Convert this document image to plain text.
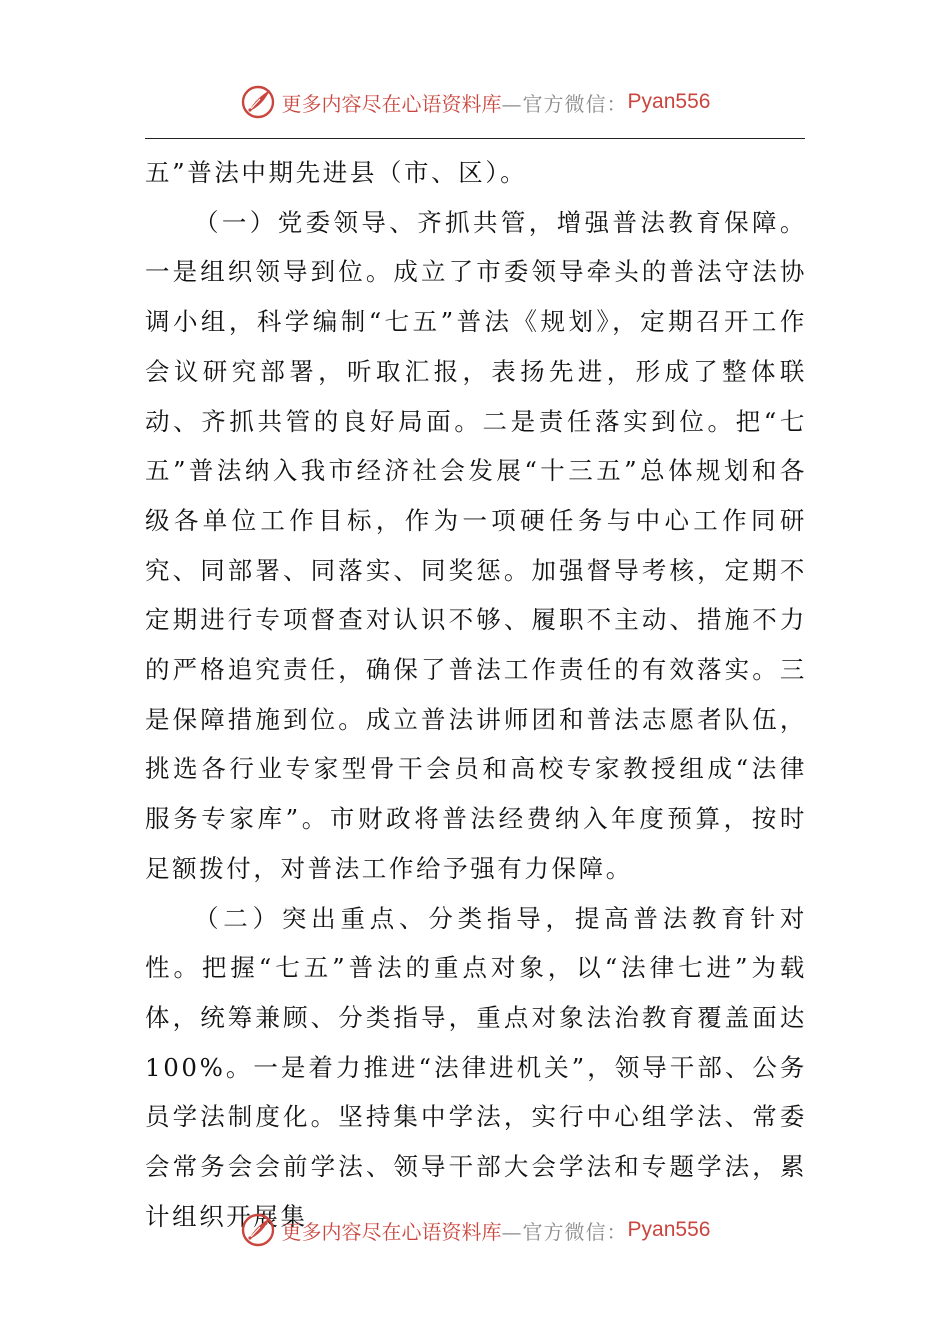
更多内容尽在心语资料库 —官方微信： Pyan556

五”普法中期先进县（市、区）。

（一）党委领导、齐抓共管，增强普法教育保障。一是组织领导到位。成立了市委领导牵头的普法守法协调小组，科学编制“七五”普法《规划》，定期召开工作会议研究部署，听取汇报，表扬先进，形成了整体联动、齐抓共管的良好局面。二是责任落实到位。把“七五”普法纳入我市经济社会发展“十三五”总体规划和各级各单位工作目标，作为一项硬任务与中心工作同研究、同部署、同落实、同奖惩。加强督导考核，定期不定期进行专项督查对认识不够、履职不主动、措施不力的严格追究责任，确保了普法工作责任的有效落实。三是保障措施到位。成立普法讲师团和普法志愿者队伍，挑选各行业专家型骨干会员和高校专家教授组成“法律服务专家库”。市财政将普法经费纳入年度预算，按时足额拨付，对普法工作给予强有力保障。

（二）突出重点、分类指导，提高普法教育针对性。把握“七五”普法的重点对象，以“法律七进”为载体，统筹兼顾、分类指导，重点对象法治教育覆盖面达 100%。一是着力推进“法律进机关”，领导干部、公务员学法制度化。坚持集中学法，实行中心组学法、常委会常务会会前学法、领导干部大会学法和专题学法，累计组织开展集

更多内容尽在心语资料库 —官方微信： Pyan556
